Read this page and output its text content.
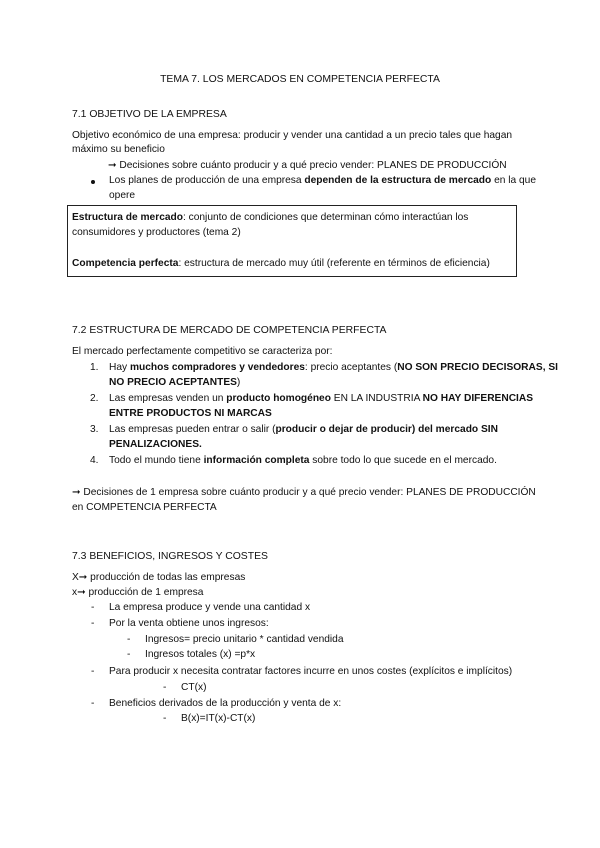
TEMA 7. LOS MERCADOS EN COMPETENCIA PERFECTA
7.1 OBJETIVO DE LA EMPRESA
Objetivo económico de una empresa: producir y vender una cantidad a un precio tales que hagan
máximo su beneficio
➞ Decisiones sobre cuánto producir y a qué precio vender: PLANES DE PRODUCCIÓN
Los planes de producción de una empresa dependen de la estructura de mercado en la que
opere
Estructura de mercado: conjunto de condiciones que determinan cómo interactúan los
consumidores y productores (tema 2)
Competencia perfecta: estructura de mercado muy útil (referente en términos de eficiencia)
7.2 ESTRUCTURA DE MERCADO DE COMPETENCIA PERFECTA
El mercado perfectamente competitivo se caracteriza por:
1. Hay muchos compradores y vendedores: precio aceptantes (NO SON PRECIO DECISORAS, SI
NO PRECIO ACEPTANTES)
2. Las empresas venden un producto homogéneo EN LA INDUSTRIA NO HAY DIFERENCIAS
ENTRE PRODUCTOS NI MARCAS
3. Las empresas pueden entrar o salir (producir o dejar de producir) del mercado SIN
PENALIZACIONES.
4. Todo el mundo tiene información completa sobre todo lo que sucede en el mercado.
➞ Decisiones de 1 empresa sobre cuánto producir y a qué precio vender: PLANES DE PRODUCCIÓN
en COMPETENCIA PERFECTA
7.3 BENEFICIOS, INGRESOS Y COSTES
X➞ producción de todas las empresas
x➞ producción de 1 empresa
- La empresa produce y vende una cantidad x
- Por la venta obtiene unos ingresos:
- Ingresos= precio unitario * cantidad vendida
- Ingresos totales (x) =p*x
- Para producir x necesita contratar factores incurre en unos costes (explícitos e implícitos)
- CT(x)
- Beneficios derivados de la producción y venta de x:
- B(x)=IT(x)-CT(x)
